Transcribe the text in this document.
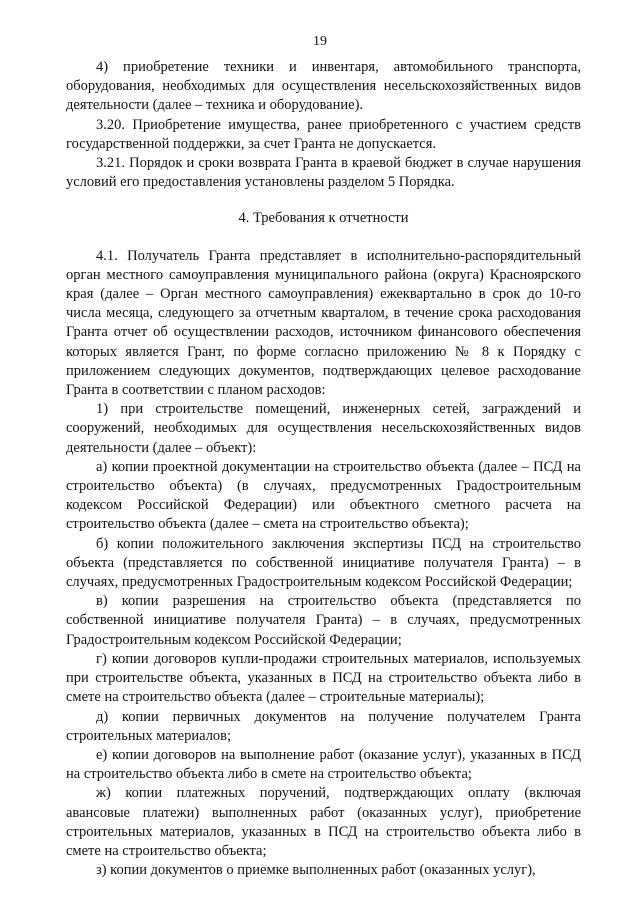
19

4) приобретение техники и инвентаря, автомобильного транспорта, оборудования, необходимых для осуществления несельскохозяйственных видов деятельности (далее – техника и оборудование).

3.20. Приобретение имущества, ранее приобретенного с участием средств государственной поддержки, за счет Гранта не допускается.

3.21. Порядок и сроки возврата Гранта в краевой бюджет в случае нарушения условий его предоставления установлены разделом 5 Порядка.

4. Требования к отчетности

4.1. Получатель Гранта представляет в исполнительно-распорядительный орган местного самоуправления муниципального района (округа) Красноярского края (далее – Орган местного самоуправления) ежеквартально в срок до 10-го числа месяца, следующего за отчетным кварталом, в течение срока расходования Гранта отчет об осуществлении расходов, источником финансового обеспечения которых является Грант, по форме согласно приложению № 8 к Порядку с приложением следующих документов, подтверждающих целевое расходование Гранта в соответствии с планом расходов:

1) при строительстве помещений, инженерных сетей, заграждений и сооружений, необходимых для осуществления несельскохозяйственных видов деятельности (далее – объект):

а) копии проектной документации на строительство объекта (далее – ПСД на строительство объекта) (в случаях, предусмотренных Градостроительным кодексом Российской Федерации) или объектного сметного расчета на строительство объекта (далее – смета на строительство объекта);

б) копии положительного заключения экспертизы ПСД на строительство объекта (представляется по собственной инициативе получателя Гранта) – в случаях, предусмотренных Градостроительным кодексом Российской Федерации;

в) копии разрешения на строительство объекта (представляется по собственной инициативе получателя Гранта) – в случаях, предусмотренных Градостроительным кодексом Российской Федерации;

г) копии договоров купли-продажи строительных материалов, используемых при строительстве объекта, указанных в ПСД на строительство объекта либо в смете на строительство объекта (далее – строительные материалы);

д) копии первичных документов на получение получателем Гранта строительных материалов;

е) копии договоров на выполнение работ (оказание услуг), указанных в ПСД на строительство объекта либо в смете на строительство объекта;

ж) копии платежных поручений, подтверждающих оплату (включая авансовые платежи) выполненных работ (оказанных услуг), приобретение строительных материалов, указанных в ПСД на строительство объекта либо в смете на строительство объекта;

з) копии документов о приемке выполненных работ (оказанных услуг),
